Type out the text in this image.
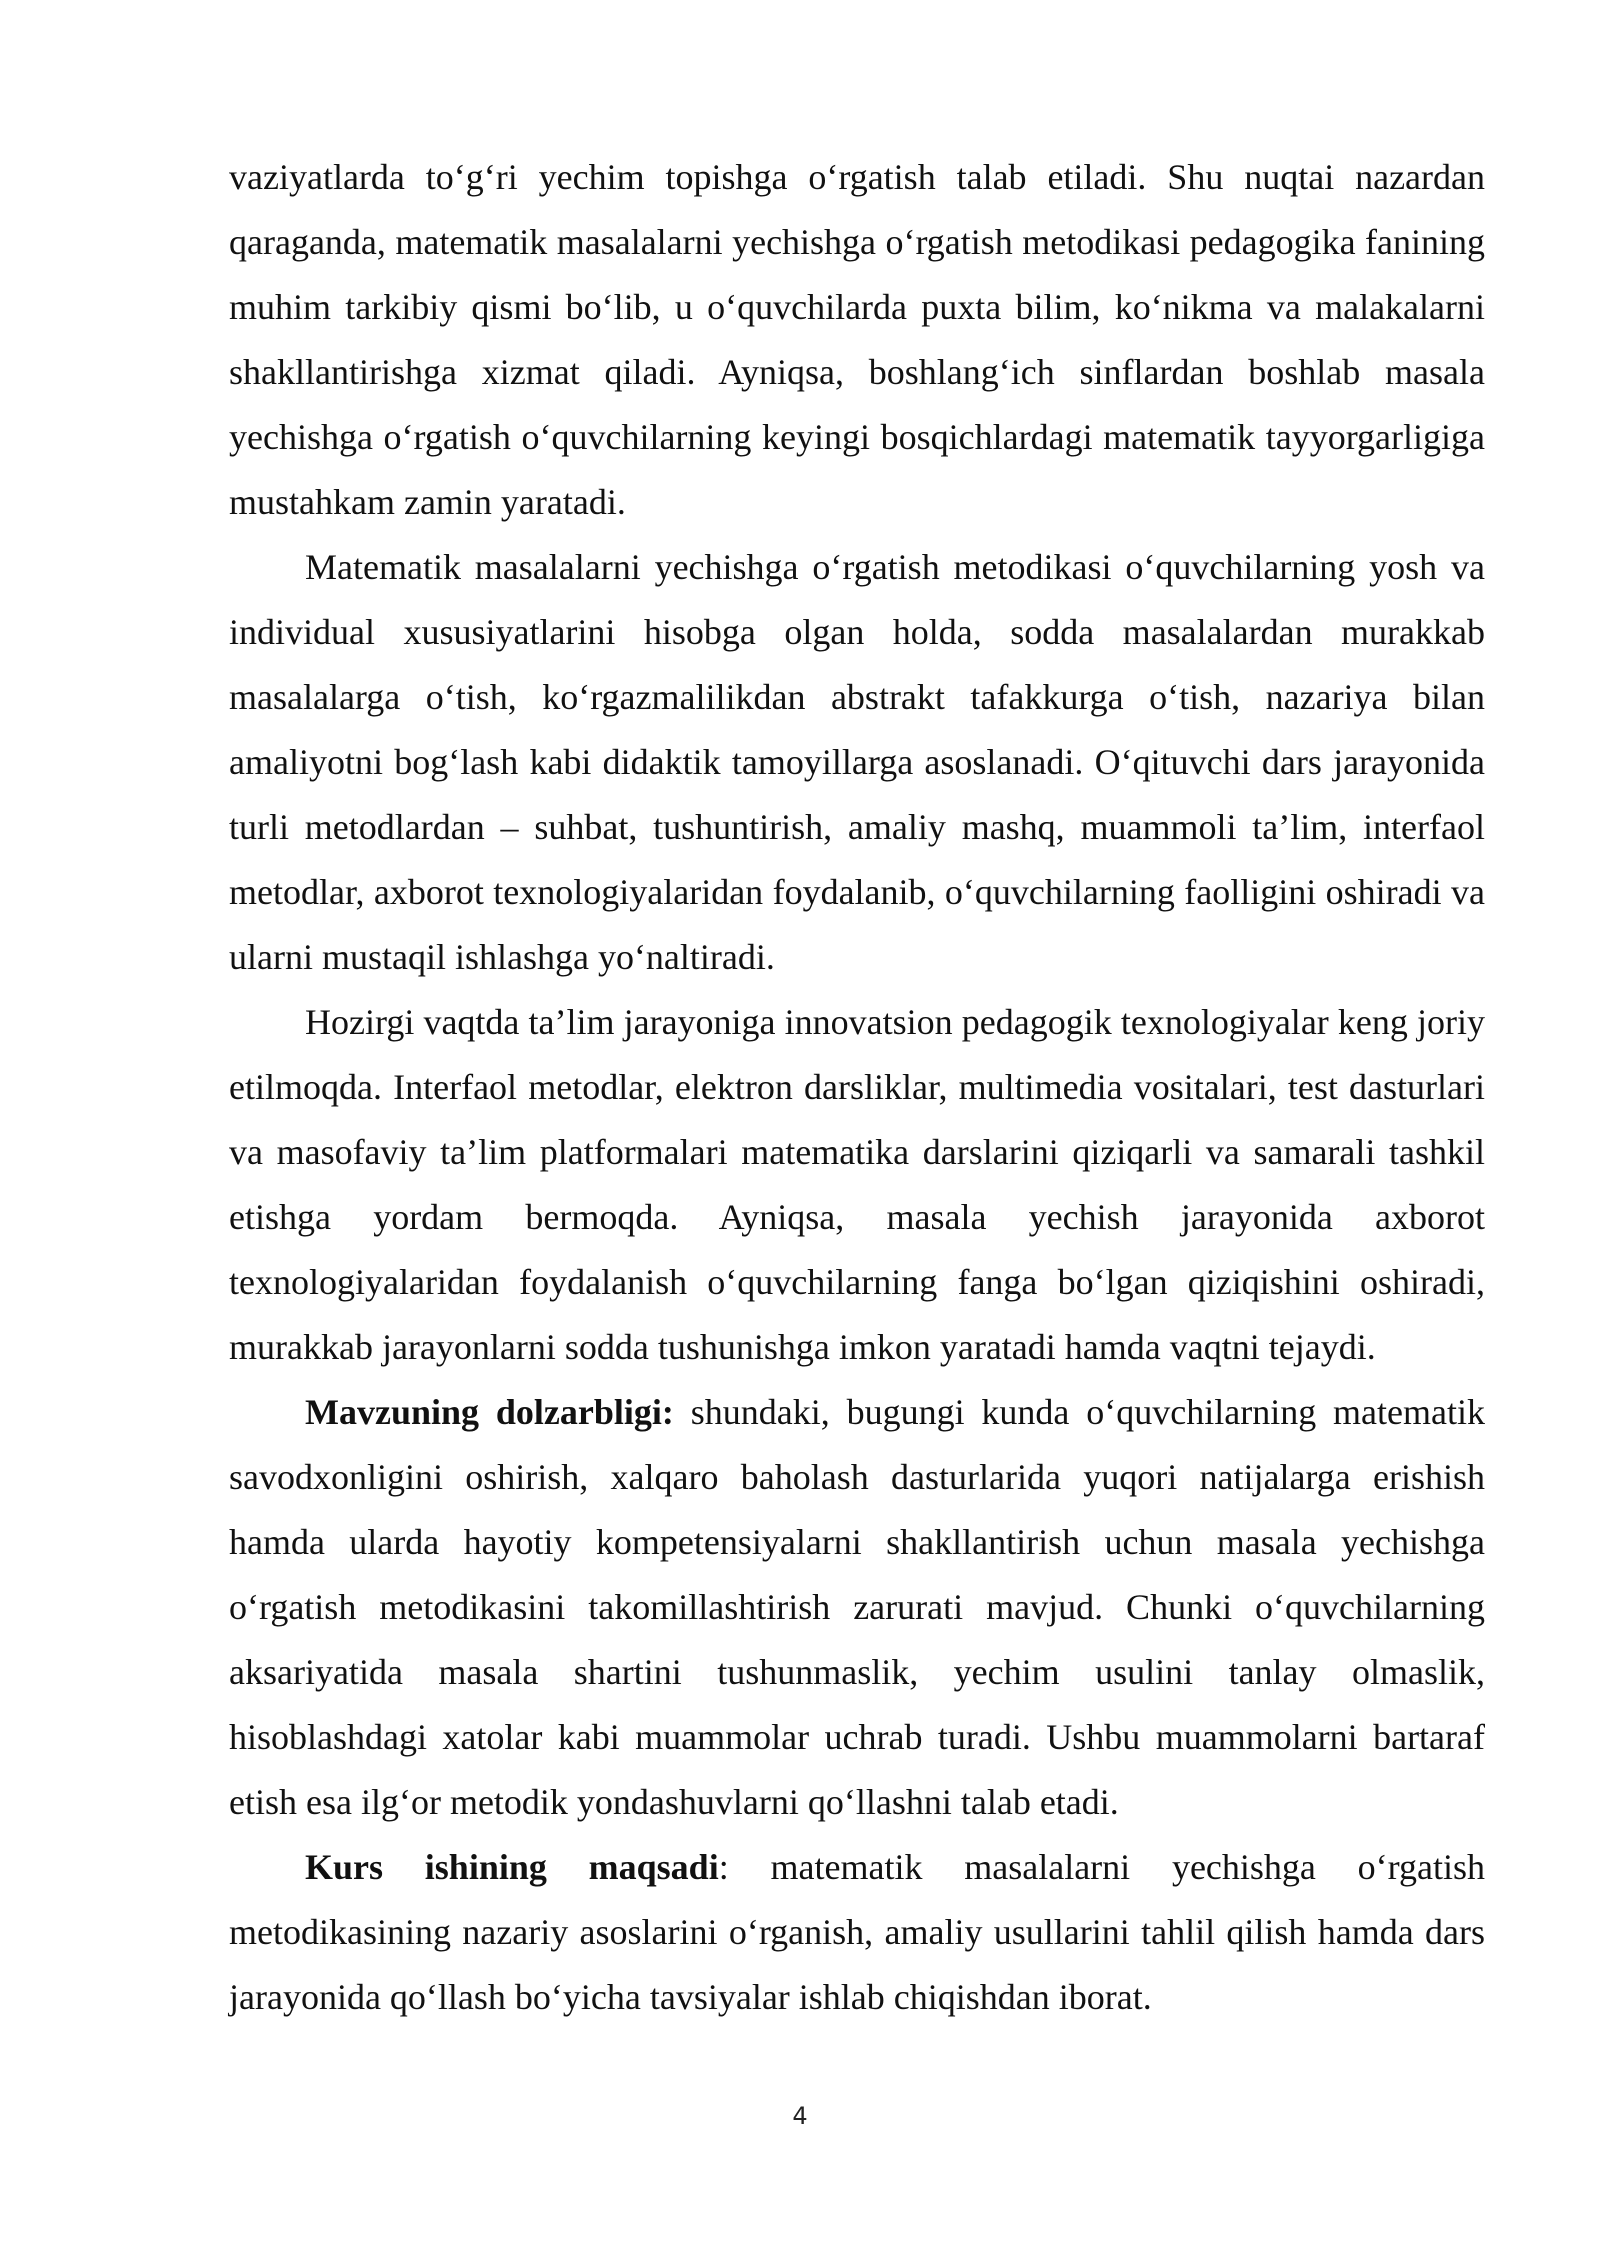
vaziyatlarda to‘g‘ri yechim topishga o‘rgatish talab etiladi. Shu nuqtai nazardan qaraganda, matematik masalalarni yechishga o‘rgatish metodikasi pedagogika fanining muhim tarkibiy qismi bo‘lib, u o‘quvchilarda puxta bilim, ko‘nikma va malakalarni shakllantirishga xizmat qiladi. Ayniqsa, boshlang‘ich sinflardan boshlab masala yechishga o‘rgatish o‘quvchilarning keyingi bosqichlardagi matematik tayyorgarligiga mustahkam zamin yaratadi.

Matematik masalalarni yechishga o‘rgatish metodikasi o‘quvchilarning yosh va individual xususiyatlarini hisobga olgan holda, sodda masalalardan murakkab masalalarga o‘tish, ko‘rgazmalilikdan abstrakt tafakkurga o‘tish, nazariya bilan amaliyotni bog‘lash kabi didaktik tamoyillarga asoslanadi. O‘qituvchi dars jarayonida turli metodlardan – suhbat, tushuntirish, amaliy mashq, muammoli ta’lim, interfaol metodlar, axborot texnologiyalaridan foydalanib, o‘quvchilarning faolligini oshiradi va ularni mustaqil ishlashga yo‘naltiradi.

Hozirgi vaqtda ta’lim jarayoniga innovatsion pedagogik texnologiyalar keng joriy etilmoqda. Interfaol metodlar, elektron darsliklar, multimedia vositalari, test dasturlari va masofaviy ta’lim platformalari matematika darslarini qiziqarli va samarali tashkil etishga yordam bermoqda. Ayniqsa, masala yechish jarayonida axborot texnologiyalaridan foydalanish o‘quvchilarning fanga bo‘lgan qiziqishini oshiradi, murakkab jarayonlarni sodda tushunishga imkon yaratadi hamda vaqtni tejaydi.

Mavzuning dolzarbligi: shundaki, bugungi kunda o‘quvchilarning matematik savodxonligini oshirish, xalqaro baholash dasturlarida yuqori natijalarga erishish hamda ularda hayotiy kompetensiyalarni shakllantirish uchun masala yechishga o‘rgatish metodikasini takomillashtirish zarurati mavjud. Chunki o‘quvchilarning aksariyatida masala shartini tushunmaslik, yechim usulini tanlay olmaslik, hisoblashdagi xatolar kabi muammolar uchrab turadi. Ushbu muammolarni bartaraf etish esa ilg‘or metodik yondashuvlarni qo‘llashni talab etadi.

Kurs ishining maqsadi: matematik masalalarni yechishga o‘rgatish metodikasining nazariy asoslarini o‘rganish, amaliy usullarini tahlil qilish hamda dars jarayonida qo‘llash bo‘yicha tavsiyalar ishlab chiqishdan iborat.

4
